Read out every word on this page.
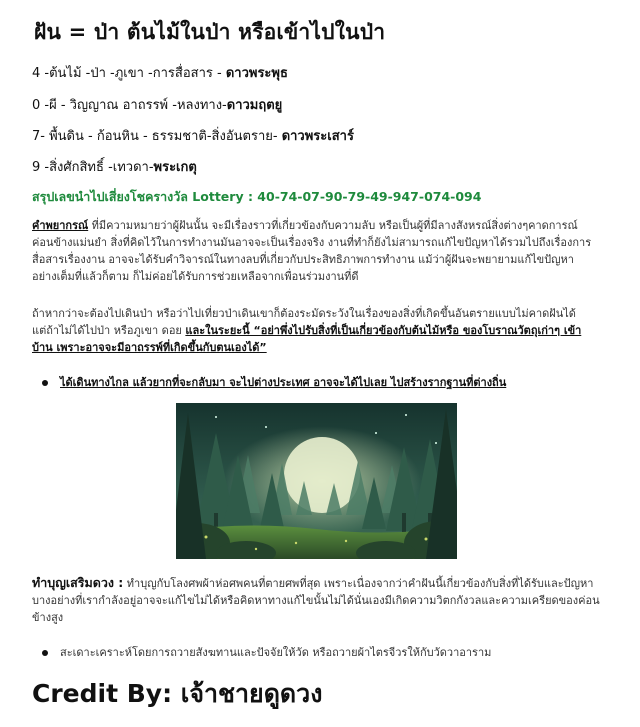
ฝัน = ป่า ต้นไม้ในป่า หรือเข้าไปในป่า
4 -ต้นไม้ -ป่า -ภูเขา -การสื่อสาร - ดาวพระพุธ
0 -ผี - วิญญาณ อาถรรพ์ -หลงทาง-ดาวมฤตยู
7- พื้นดิน - ก้อนหิน - ธรรมชาติ-สิ่งอันตราย- ดาวพระเสาร์
9 -สิ่งศักสิทธิ์ -เทวดา-พระเกตุ
สรุปเลขนำไปเสี่ยงโชครางวัล Lottery : 40-74-07-90-79-49-947-074-094
คำพยากรณ์ ที่มีความหมายว่าผู้ฝันนั้น จะมีเรื่องราวที่เกี่ยวข้องกับความลับ หรือเป็นผู้ที่มีลางสังหรณ์สิ่งต่างๆคาดการณ์ค่อนข้างแม่นยำ สิ่งที่คิดไว้ในการทำงานมันอาจจะเป็นเรื่องจริง งานที่ทำก็ยังไม่สามารถแก้ไขปัญหาได้รวมไปถึงเรื่องการสื่อสารเรื่องงาน อาจจะได้รับคำวิจารณ์ในทางลบที่เกี่ยวกับประสิทธิภาพการทำงาน แม้ว่าผู้ฝันจะพยายามแก้ไขปัญหาอย่างเต็มที่แล้วก็ตาม ก็ไม่ค่อยได้รับการช่วยเหลือจากเพื่อนร่วมงานที่ดี
ถ้าหากว่าจะต้องไปเดินป่า หรือว่าไปเที่ยวป่าเดินเขาก็ต้องระมัดระวังในเรื่องของสิ่งที่เกิดขึ้นอันตรายแบบไม่คาดฝันได้ แต่ถ้าไม่ได้ไปป่า หรือภูเขา ดอย และในระยะนี้ “อย่าพึ่งไปรับสิ่งที่เป็นเกี่ยวข้องกับต้นไม้หรือ ของโบราณวัตถุเก่าๆ เข้าบ้าน เพราะอาจจะมีอาถรรพ์ที่เกิดขึ้นกับตนเองได้”
ได้เดินทางไกล แล้วยากที่จะกลับมา จะไปต่างประเทศ อาจจะได้ไปเลย ไปสร้างรากฐานที่ต่างถิ่น
ทำบุญเสริมดวง : ทำบุญกับโลงศพผ้าห่อศพคนที่ตายศพที่สุด เพราะเนื่องจากว่าคำฝันนี้เกี่ยวข้องกับสิ่งที่ได้รับและปัญหาบางอย่างที่เรากำลังอยู่อาจจะแก้ไขไม่ได้หรือคิดหาทางแก้ไขนั้นไม่ได้นั่นเองมีเกิดความวิตกกังวลและความเครียดของค่อนข้างสูง
สะเดาะเคราะห์โดยการถวายสังฆทานและปัจจัยให้วัด หรือถวายผ้าไตรจีวรให้กับวัดวาอาราม
Credit By: เจ้าชายดูดวง
